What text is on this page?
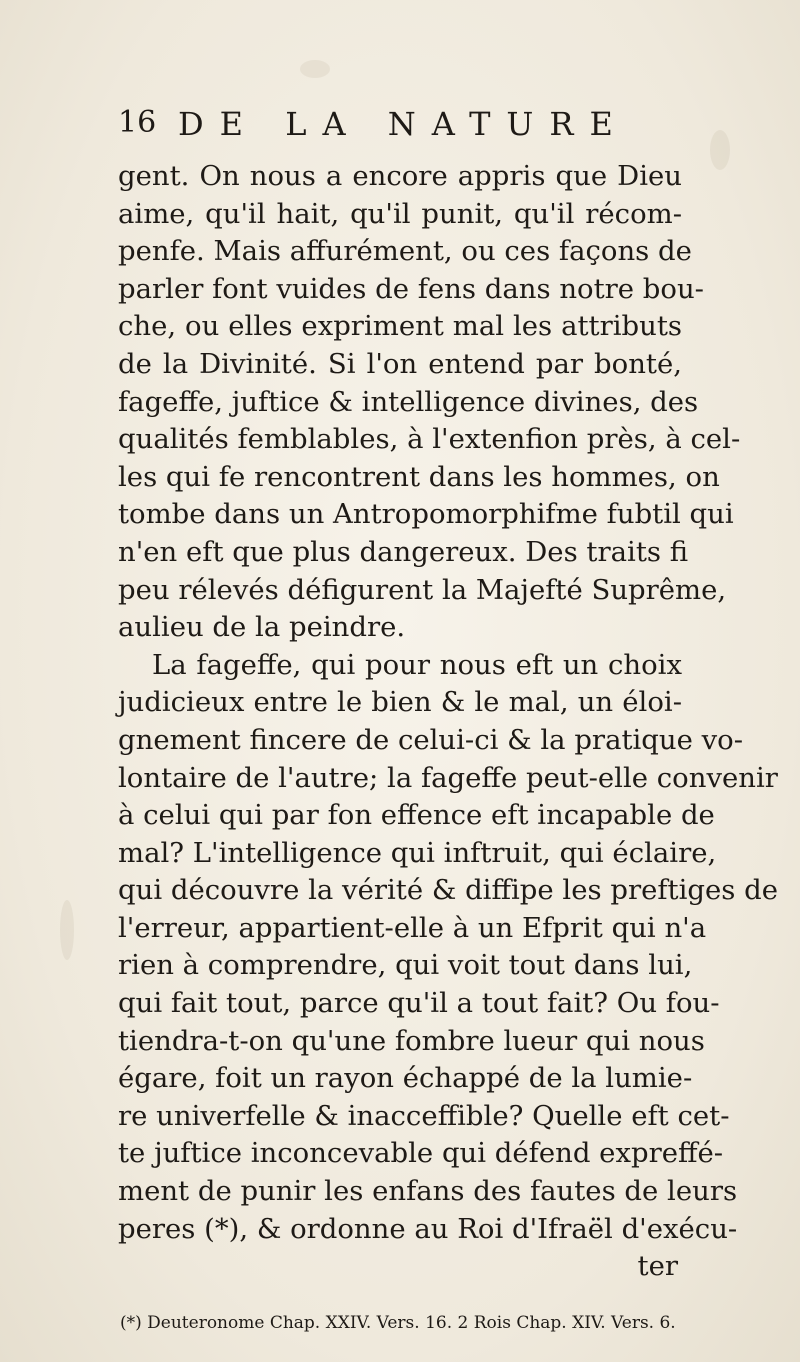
16 DE LA NATURE
gent. On nous a encore appris que Dieu
aime, qu'il hait, qu'il punit, qu'il récom-
penfe. Mais affurément, ou ces façons de
parler font vuides de fens dans notre bou-
che, ou elles expriment mal les attributs
de la Divinité. Si l'on entend par bonté,
fageffe, juftice & intelligence divines, des
qualités femblables, à l'extenfion près, à cel-
les qui fe rencontrent dans les hommes, on
tombe dans un Antropomorphifme fubtil qui
n'en eft que plus dangereux. Des traits fi
peu rélevés défigurent la Majefté Suprême,
aulieu de la peindre.
La fageffe, qui pour nous eft un choix
judicieux entre le bien & le mal, un éloi-
gnement fincere de celui-ci & la pratique vo-
lontaire de l'autre; la fageffe peut-elle convenir
à celui qui par fon effence eft incapable de
mal? L'intelligence qui inftruit, qui éclaire,
qui découvre la vérité & diffipe les preftiges de
l'erreur, appartient-elle à un Efprit qui n'a
rien à comprendre, qui voit tout dans lui,
qui fait tout, parce qu'il a tout fait? Ou fou-
tiendra-t-on qu'une fombre lueur qui nous
égare, foit un rayon échappé de la lumie-
re univerfelle & inacceffible? Quelle eft cet-
te juftice inconcevable qui défend expreffé-
ment de punir les enfans des fautes de leurs
peres (*), & ordonne au Roi d'Ifraël d'exécu-
ter
(*) Deuteronome Chap. XXIV. Vers. 16. 2 Rois Chap. XIV. Vers. 6.
